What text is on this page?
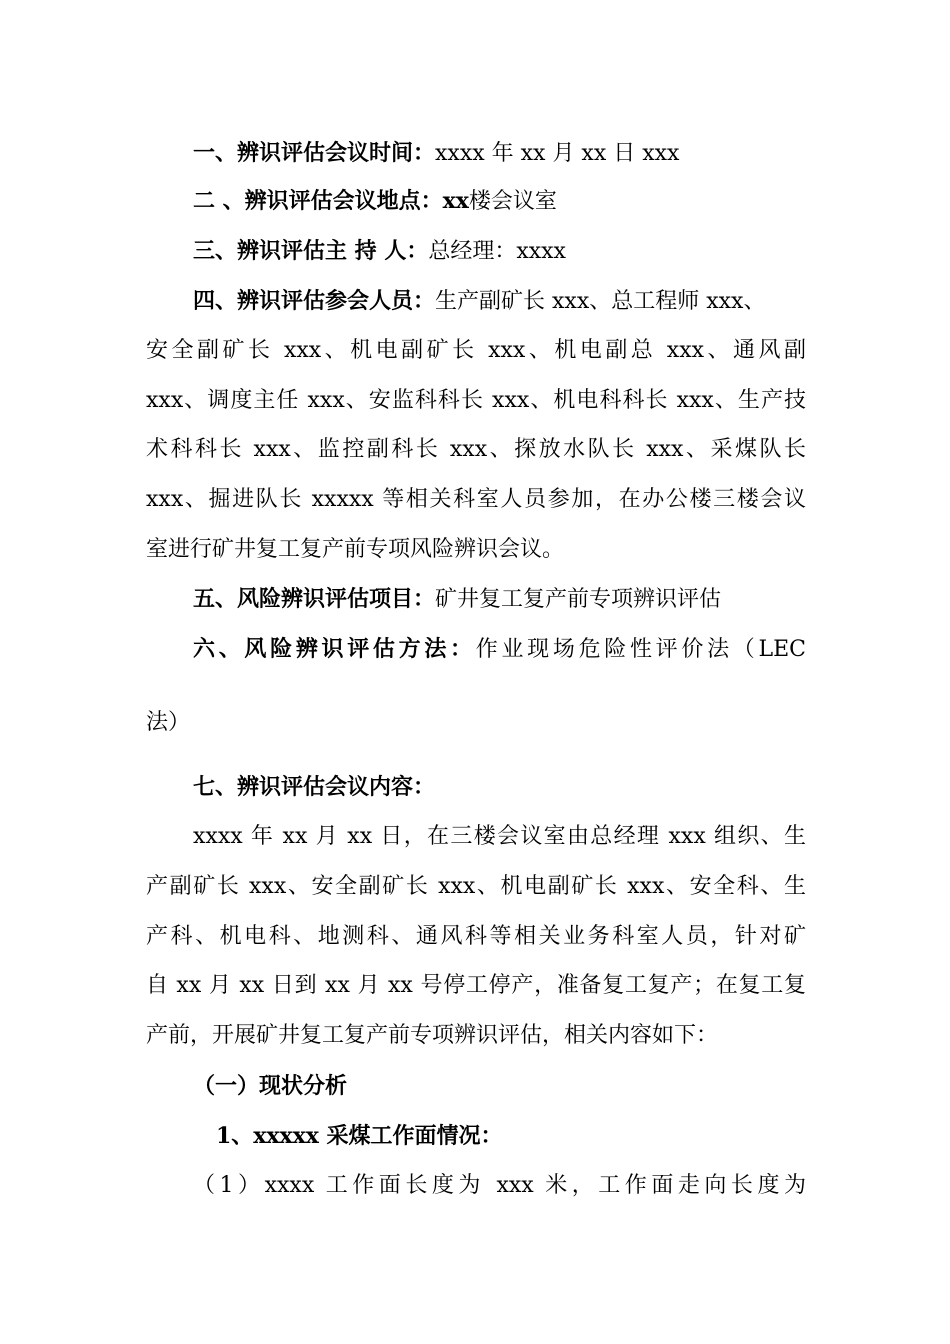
一、辨识评估会议时间：xxxx 年 xx 月 xx 日 xxx
二 、辨识评估会议地点：xx楼会议室
三、辨识评估主 持 人：总经理：xxxx
四、辨识评估参会人员：生产副矿长 xxx、总工程师 xxx、
安全副矿长 xxx、机电副矿长 xxx、机电副总 xxx、通风副
xxx、调度主任 xxx、安监科科长 xxx、机电科科长 xxx、生产技
术科科长 xxx、监控副科长 xxx、探放水队长 xxx、采煤队长
xxx、掘进队长 xxxxx 等相关科室人员参加，在办公楼三楼会议
室进行矿井复工复产前专项风险辨识会议。
五、风险辨识评估项目：矿井复工复产前专项辨识评估
六、风险辨识评估方法：作业现场危险性评价法（LEC
法）
七、辨识评估会议内容：
xxxx 年 xx 月 xx 日，在三楼会议室由总经理 xxx 组织、生
产副矿长 xxx、安全副矿长 xxx、机电副矿长 xxx、安全科、生
产科、机电科、地测科、通风科等相关业务科室人员，针对矿
自 xx 月 xx 日到 xx 月 xx 号停工停产，准备复工复产；在复工复
产前，开展矿井复工复产前专项辨识评估，相关内容如下：
（一）现状分析
1、xxxxx 采煤工作面情况：
（1）xxxx 工作面长度为 xxx 米，工作面走向长度为
